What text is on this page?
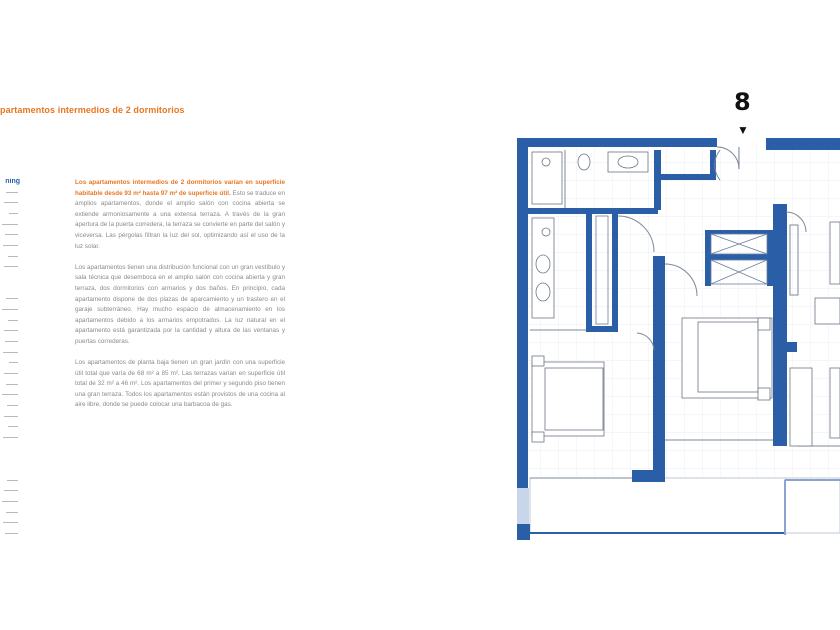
partamentos intermedios de 2 dormitorios
ning	Los apartamentos intermedios de 2 dormitorios varían en superficie habitable desde 93 m² hasta 97 m² de superficie útil. Esto se traduce en amplios apartamentos, donde el amplio salón con cocina abierta se extiende armoniosamente a una extensa terraza. A través de la gran apertura de la puerta corredera, la terraza se convierte en parte del salón y viceversa. Las pérgolas filtran la luz del sol, optimizando así el uso de la luz solar.

Los apartamentos tienen una distribución funcional con un gran vestíbulo y sala técnica que desemboca en el amplio salón con cocina abierta y gran terraza, dos dormitorios con armarios y dos baños. En principio, cada apartamento dispone de dos plazas de aparcamiento y un trastero en el garaje subterráneo. Hay mucho espacio de almacenamiento en los apartamentos debido a los armarios empotrados. La luz natural en el apartamento está garantizada por la cantidad y altura de las ventanas y puertas correderas.

Los apartamentos de planta baja tienen un gran jardín con una superficie útil total que varía de 68 m² a 85 m². Las terrazas varían en superficie útil total de 32 m² a 46 m². Los apartamentos del primer y segundo piso tienen una gran terraza. Todos los apartamentos están provistos de una cocina al aire libre, donde se puede colocar una barbacoa de gas.

8
▼
